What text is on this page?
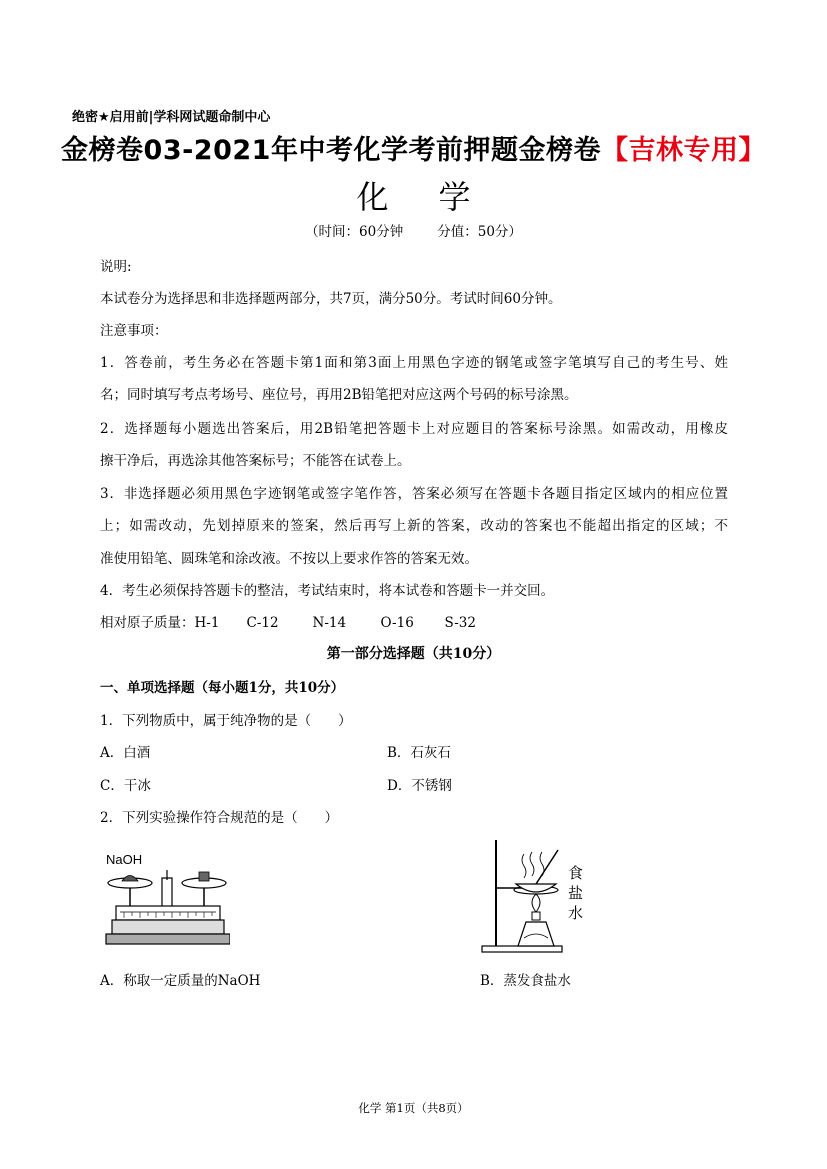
绝密★启用前|学科网试题命制中心
金榜卷03-2021年中考化学考前押题金榜卷【吉林专用】
化 学
（时间：60分钟	分值：50分）
说明:
本试卷分为选择思和非选择题两部分，共7页，满分50分。考试时间60分钟。
注意事项：
1．答卷前，考生务必在答题卡第1面和第3面上用黑色字迹的钢笔或签字笔填写自己的考生号、姓
名；同时填写考点考场号、座位号，再用2B铅笔把对应这两个号码的标号涂黑。
2．选择题每小题选出答案后，用2B铅笔把答题卡上对应题目的答案标号涂黑。如需改动，用橡皮
擦干净后，再选涂其他答案标号；不能答在试卷上。
3．非选择题必须用黑色字迹钢笔或签字笔作答，答案必须写在答题卡各题目指定区域内的相应位置
上；如需改动，先划掉原来的签案，然后再写上新的答案，改动的答案也不能超出指定的区域；不
准使用铅笔、圆珠笔和涂改液。不按以上要求作答的答案无效。
4．考生必须保持答题卡的整洁，考试结束时，将本试卷和答题卡一并交回。
相对原子质量：H-1 C-12	N-14	O-16 S-32
第一部分选择题（共10分）
一、单项选择题（每小题1分，共10分）
1．下列物质中，属于纯净物的是（　　）
A．白酒	B．石灰石
C．干冰	D．不锈钢
2．下列实验操作符合规范的是（　　）
NaOH
食
盐
水
A．称取一定质量的NaOH	B．蒸发食盐水
化学 第1页（共8页）
